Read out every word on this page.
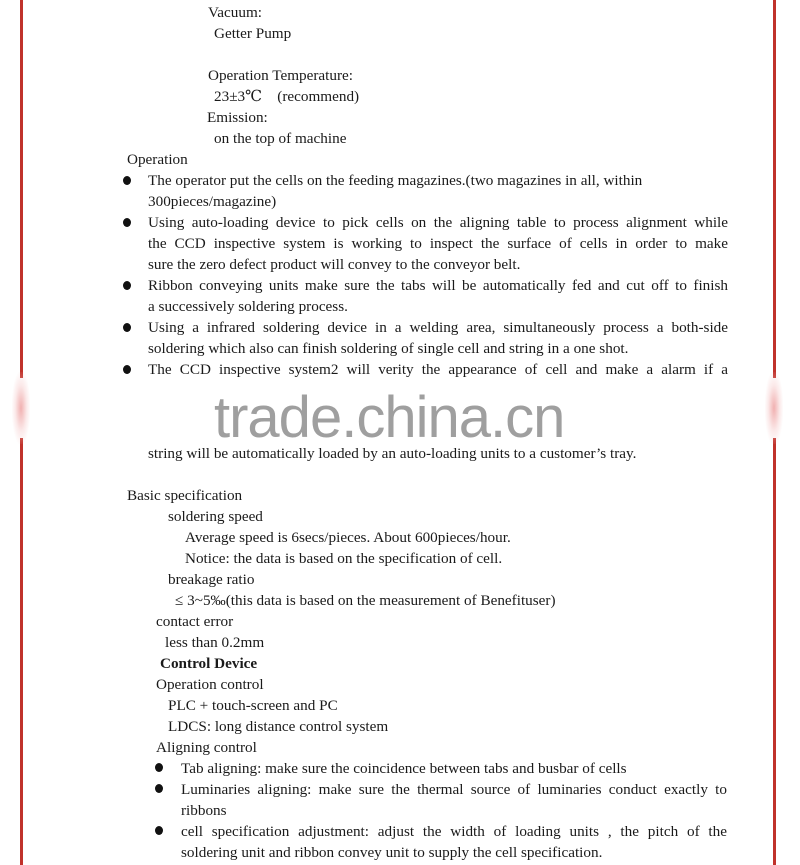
Vacuum:
Getter Pump
Operation Temperature:
23±3℃　(recommend)
Emission:
on the top of machine
Operation
The operator put the cells on the feeding magazines.(two magazines in all, within
300pieces/magazine)
Using auto-loading device to pick cells on the aligning table to process alignment while
the CCD inspective system is working to inspect the surface of cells in order to make
sure the zero defect product will convey to the conveyor belt.
Ribbon conveying units make sure the tabs will be automatically fed and cut off to finish
a successively soldering process.
Using a infrared soldering device in a welding area, simultaneously process a both-side
soldering which also can finish soldering of single cell and string in a one shot.
The CCD inspective system2 will verity the appearance of cell and make a alarm if a
string will be automatically loaded by an auto-loading units to a customer’s tray.
trade.china.cn
Basic specification
soldering speed
Average speed is 6secs/pieces. About 600pieces/hour.
Notice: the data is based on the specification of cell.
breakage ratio
≤ 3~5‰(this data is based on the measurement of Benefituser)
contact error
less than 0.2mm
Control Device
Operation control
PLC + touch-screen and PC
LDCS: long distance control system
Aligning control
Tab aligning: make sure the coincidence between tabs and busbar of cells
Luminaries aligning: make sure the thermal source of luminaries conduct exactly to
ribbons
cell specification adjustment: adjust the width of loading units , the pitch of the
soldering unit and ribbon convey unit to supply the cell specification.
